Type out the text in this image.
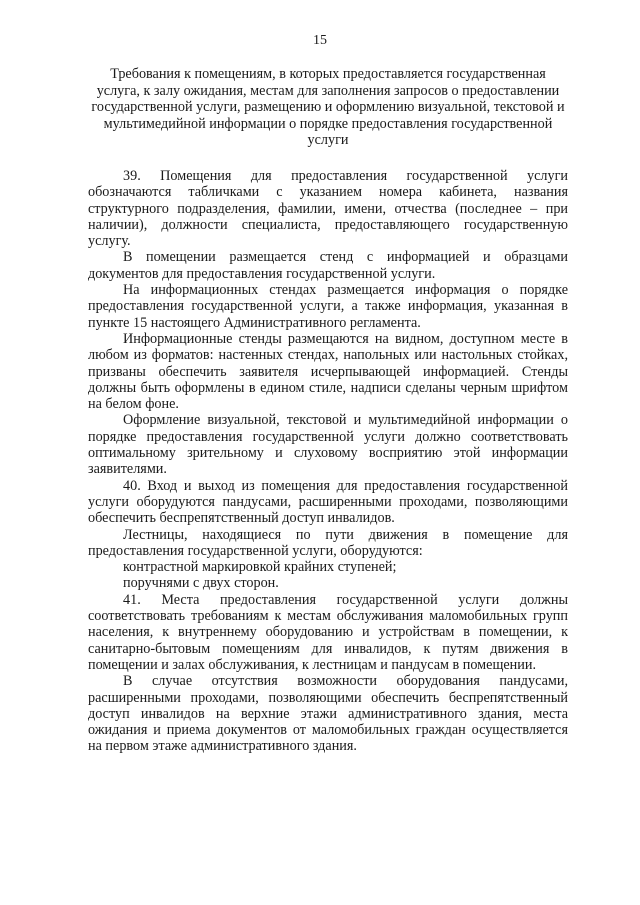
15
Требования к помещениям, в которых предоставляется государственная услуга, к залу ожидания, местам для заполнения запросов о предоставлении государственной услуги, размещению и оформлению визуальной, текстовой и мультимедийной информации о порядке предоставления государственной услуги

39. Помещения для предоставления государственной услуги обозначаются табличками с указанием номера кабинета, названия структурного подразделения, фамилии, имени, отчества (последнее – при наличии), должности специалиста, предоставляющего государственную услугу.

В помещении размещается стенд с информацией и образцами документов для предоставления государственной услуги.

На информационных стендах размещается информация о порядке предоставления государственной услуги, а также информация, указанная в пункте 15 настоящего Административного регламента.

Информационные стенды размещаются на видном, доступном месте в любом из форматов: настенных стендах, напольных или настольных стойках, призваны обеспечить заявителя исчерпывающей информацией. Стенды должны быть оформлены в едином стиле, надписи сделаны черным шрифтом на белом фоне.

Оформление визуальной, текстовой и мультимедийной информации о порядке предоставления государственной услуги должно соответствовать оптимальному зрительному и слуховому восприятию этой информации заявителями.

40. Вход и выход из помещения для предоставления государственной услуги оборудуются пандусами, расширенными проходами, позволяющими обеспечить беспрепятственный доступ инвалидов.

Лестницы, находящиеся по пути движения в помещение для предоставления государственной услуги, оборудуются:

контрастной маркировкой крайних ступеней;

поручнями с двух сторон.

41. Места предоставления государственной услуги должны соответствовать требованиям к местам обслуживания маломобильных групп населения, к внутреннему оборудованию и устройствам в помещении, к санитарно-бытовым помещениям для инвалидов, к путям движения в помещении и залах обслуживания, к лестницам и пандусам в помещении.

В случае отсутствия возможности оборудования пандусами, расширенными проходами, позволяющими обеспечить беспрепятственный доступ инвалидов на верхние этажи административного здания, места ожидания и приема документов от маломобильных граждан осуществляется на первом этаже административного здания.
